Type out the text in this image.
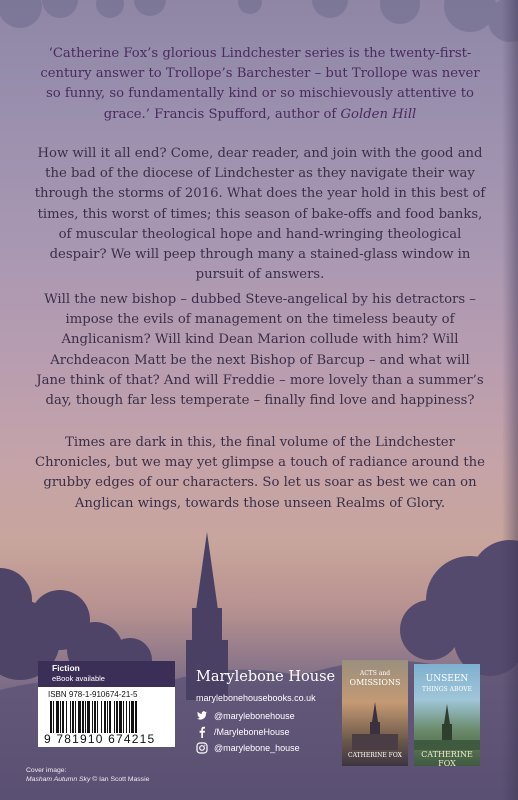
‘Catherine Fox’s glorious Lindchester series is the twenty-first-century answer to Trollope’s Barchester – but Trollope was never so funny, so fundamentally kind or so mischievously attentive to grace.’ Francis Spufford, author of Golden Hill

How will it all end? Come, dear reader, and join with the good and the bad of the diocese of Lindchester as they navigate their way through the storms of 2016. What does the year hold in this best of times, this worst of times; this season of bake-offs and food banks, of muscular theological hope and hand-wringing theological despair? We will peep through many a stained-glass window in pursuit of answers.

Will the new bishop – dubbed Steve-angelical by his detractors – impose the evils of management on the timeless beauty of Anglicanism? Will kind Dean Marion collude with him? Will Archdeacon Matt be the next Bishop of Barcup – and what will Jane think of that? And will Freddie – more lovely than a summer’s day, though far less temperate – finally find love and happiness?

Times are dark in this, the final volume of the Lindchester Chronicles, but we may yet glimpse a touch of radiance around the grubby edges of our characters. So let us soar as best we can on Anglican wings, towards those unseen Realms of Glory.

Fiction
eBook available
ISBN 978-1-910674-21-5
9 781910 674215
Marylebone House
marylebonehousebooks.co.uk
@marylebonehouse
/MaryleboneHouse
@marylebone_house
ACTS and
OMISSIONS
CATHERINE FOX
UNSEEN
THINGS ABOVE
CATHERINE FOX
Cover image:
Masham Autumn Sky © Ian Scott Massie
